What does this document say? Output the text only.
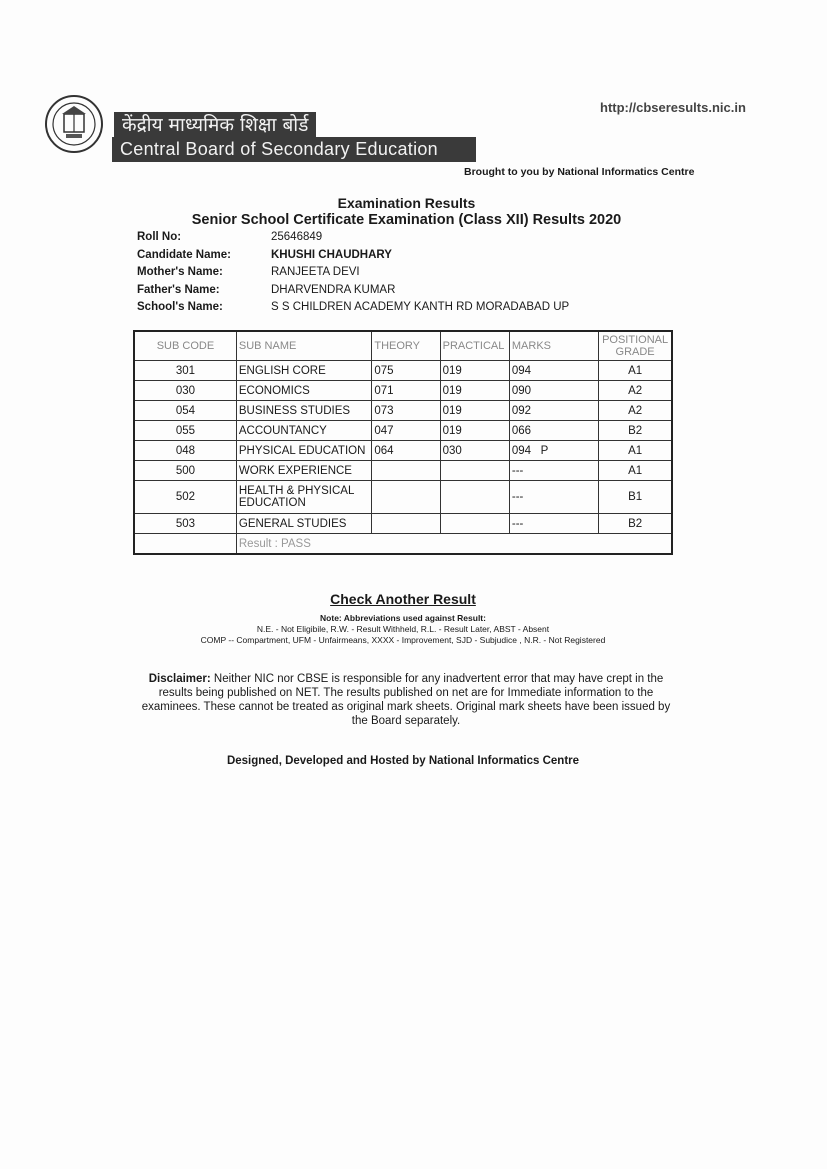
केंद्रीय माध्यमिक शिक्षा बोर्ड
Central Board of Secondary Education
http://cbseresults.nic.in
Brought to you by National Informatics Centre
Examination Results
Senior School Certificate Examination (Class XII) Results 2020
Roll No:	25646849
Candidate Name:	KHUSHI CHAUDHARY
Mother's Name:	RANJEETA DEVI
Father's Name:	DHARVENDRA KUMAR
School's Name:	S S CHILDREN ACADEMY KANTH RD MORADABAD UP
SUB CODE	SUB NAME	THEORY	PRACTICAL	MARKS	POSITIONAL GRADE
301	ENGLISH CORE	075	019	094	A1
030	ECONOMICS	071	019	090	A2
054	BUSINESS STUDIES	073	019	092	A2
055	ACCOUNTANCY	047	019	066	B2
048	PHYSICAL EDUCATION	064	030	094   P	A1
500	WORK EXPERIENCE			---	A1
502	HEALTH & PHYSICAL EDUCATION			---	B1
503	GENERAL STUDIES			---	B2
	Result : PASS				
Check Another Result
Note: Abbreviations used against Result:
N.E. - Not Eligibile, R.W. - Result Withheld, R.L. - Result Later, ABST - Absent
COMP -- Compartment, UFM - Unfairmeans, XXXX - Improvement, SJD - Subjudice , N.R. - Not Registered
Disclaimer: Neither NIC nor CBSE is responsible for any inadvertent error that may have crept in the results being published on NET. The results published on net are for Immediate information to the examinees. These cannot be treated as original mark sheets. Original mark sheets have been issued by the Board separately.
Designed, Developed and Hosted by National Informatics Centre
